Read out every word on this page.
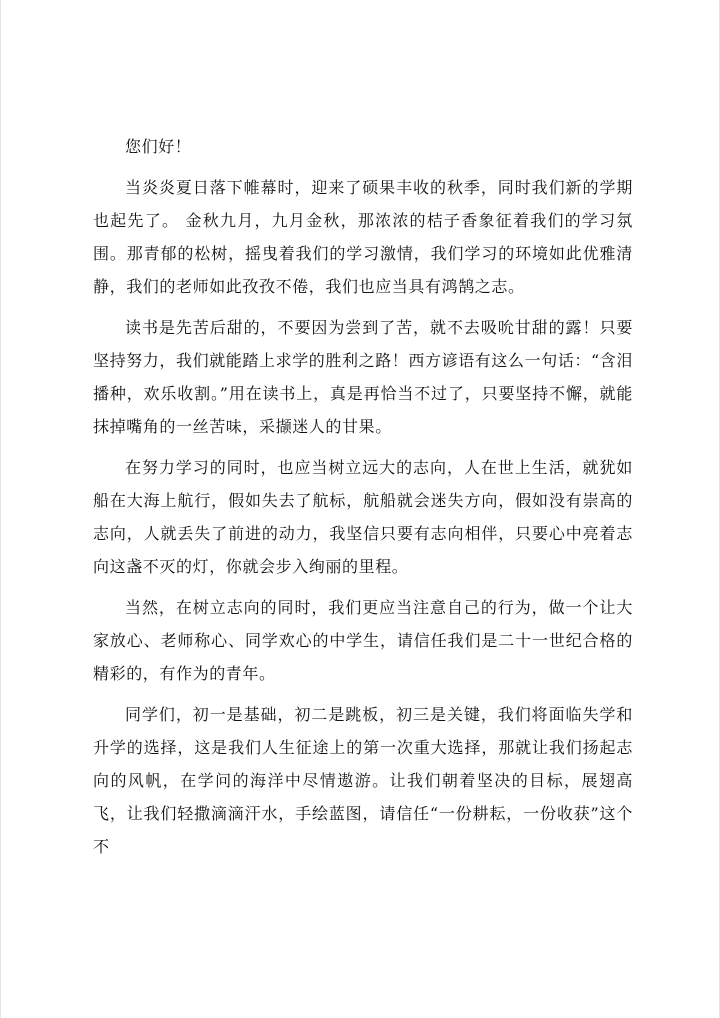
您们好！

当炎炎夏日落下帷幕时，迎来了硕果丰收的秋季，同时我们新的学期也起先了。 金秋九月，九月金秋，那浓浓的桔子香象征着我们的学习氛围。那青郁的松树，摇曳着我们的学习激情，我们学习的环境如此优雅清静，我们的老师如此孜孜不倦，我们也应当具有鸿鹄之志。

读书是先苦后甜的，不要因为尝到了苦，就不去吸吮甘甜的露！只要坚持努力，我们就能踏上求学的胜利之路！西方谚语有这么一句话：“含泪播种，欢乐收割。”用在读书上，真是再恰当不过了，只要坚持不懈，就能抹掉嘴角的一丝苦味，采撷迷人的甘果。

在努力学习的同时，也应当树立远大的志向，人在世上生活，就犹如船在大海上航行，假如失去了航标，航船就会迷失方向，假如没有崇高的志向，人就丢失了前进的动力，我坚信只要有志向相伴，只要心中亮着志向这盏不灭的灯，你就会步入绚丽的里程。

当然，在树立志向的同时，我们更应当注意自己的行为，做一个让大家放心、老师称心、同学欢心的中学生，请信任我们是二十一世纪合格的精彩的，有作为的青年。

同学们，初一是基础，初二是跳板，初三是关键，我们将面临失学和升学的选择，这是我们人生征途上的第一次重大选择，那就让我们扬起志向的风帆，在学问的海洋中尽情遨游。让我们朝着坚决的目标，展翅高飞，让我们轻撒滴滴汗水，手绘蓝图，请信任“一份耕耘，一份收获”这个不
